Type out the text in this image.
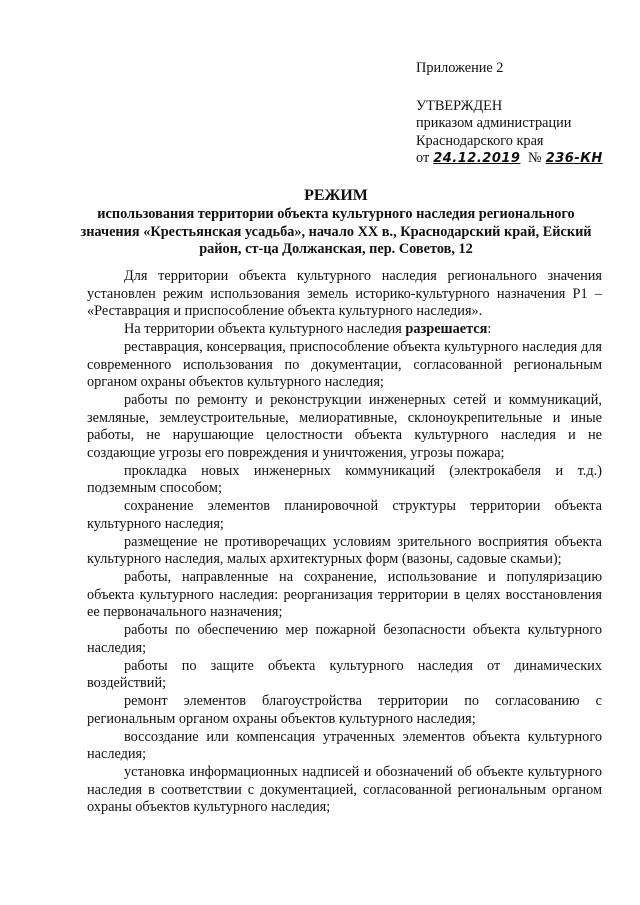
Приложение 2
УТВЕРЖДЕН
приказом администрации
Краснодарского края
от 24.12.2019 № 236-КН
РЕЖИМ
использования территории объекта культурного наследия регионального значения «Крестьянская усадьба», начало XX в., Краснодарский край, Ейский район, ст-ца Должанская, пер. Советов, 12

Для территории объекта культурного наследия регионального значения установлен режим использования земель историко-культурного назначения Р1 – «Реставрация и приспособление объекта культурного наследия».

На территории объекта культурного наследия разрешается:

реставрация, консервация, приспособление объекта культурного наследия для современного использования по документации, согласованной региональным органом охраны объектов культурного наследия;

работы по ремонту и реконструкции инженерных сетей и коммуникаций, земляные, землеустроительные, мелиоративные, склоноукрепительные и иные работы, не нарушающие целостности объекта культурного наследия и не создающие угрозы его повреждения и уничтожения, угрозы пожара;

прокладка новых инженерных коммуникаций (электрокабеля и т.д.) подземным способом;

сохранение элементов планировочной структуры территории объекта культурного наследия;

размещение не противоречащих условиям зрительного восприятия объекта культурного наследия, малых архитектурных форм (вазоны, садовые скамьи);

работы, направленные на сохранение, использование и популяризацию объекта культурного наследия: реорганизация территории в целях восстановления ее первоначального назначения;

работы по обеспечению мер пожарной безопасности объекта культурного наследия;

работы по защите объекта культурного наследия от динамических воздействий;

ремонт элементов благоустройства территории по согласованию с региональным органом охраны объектов культурного наследия;

воссоздание или компенсация утраченных элементов объекта культурного наследия;

установка информационных надписей и обозначений об объекте культурного наследия в соответствии с документацией, согласованной региональным органом охраны объектов культурного наследия;
